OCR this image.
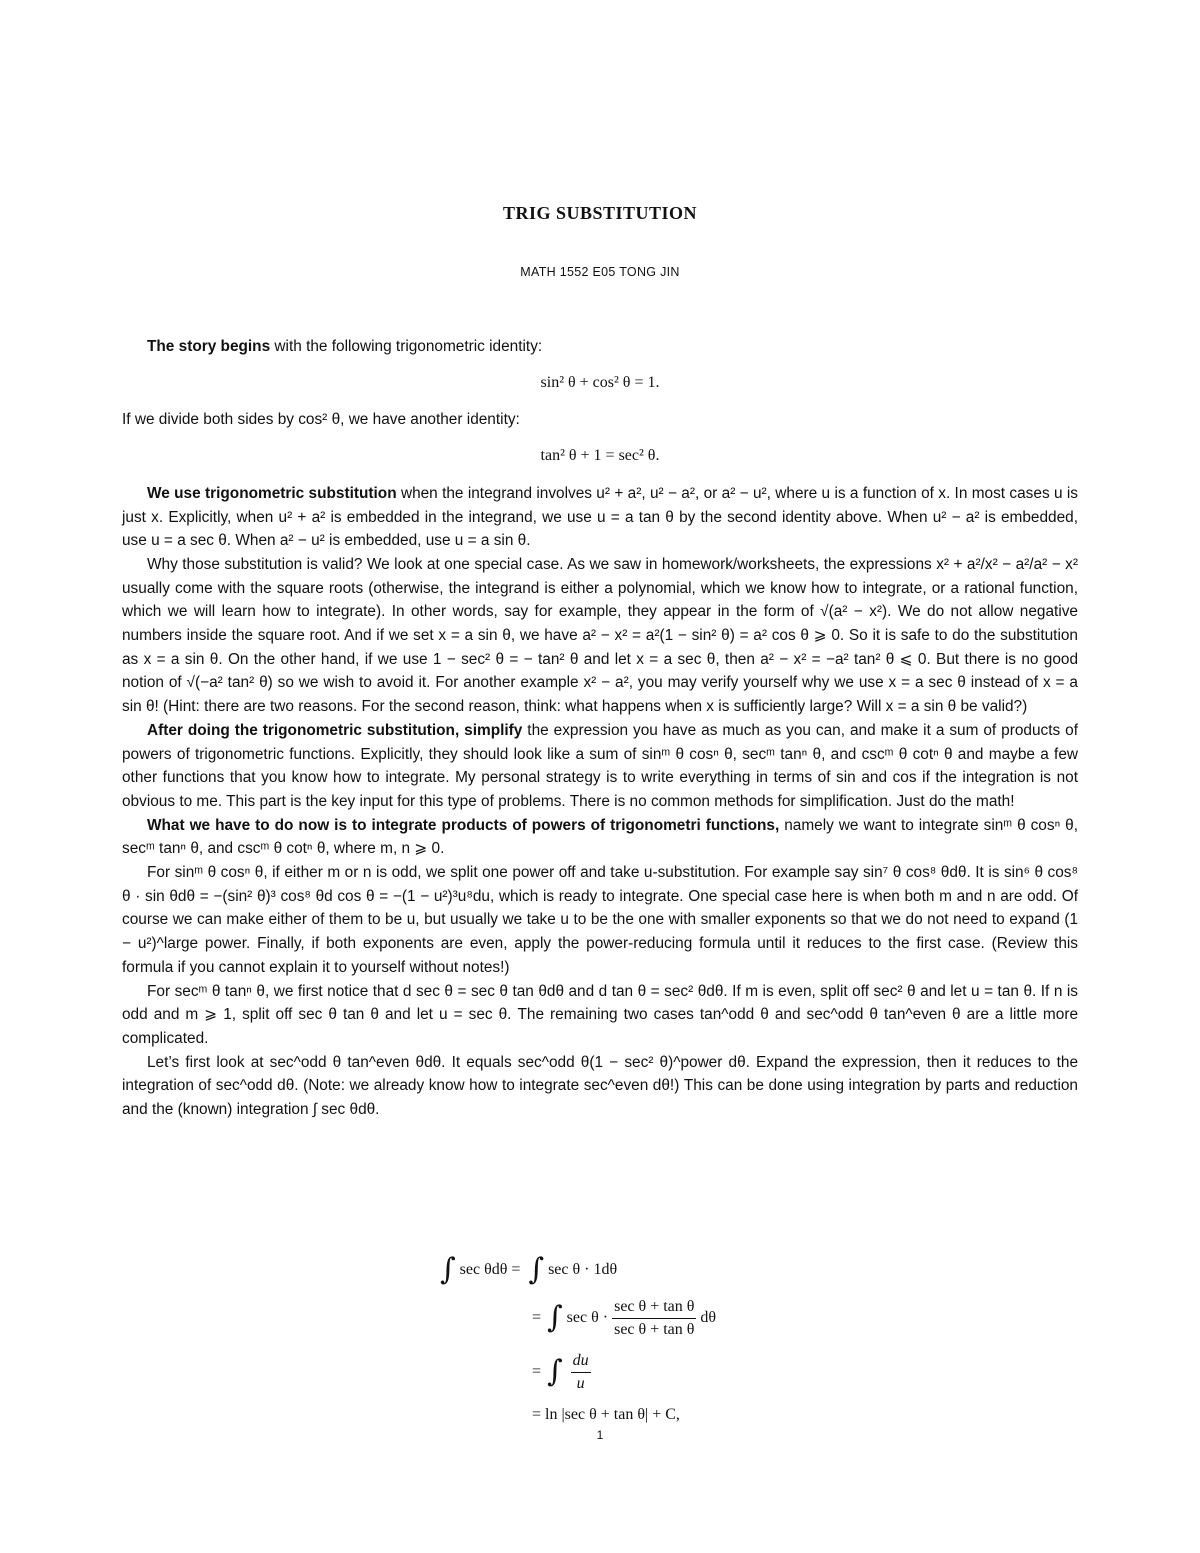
TRIG SUBSTITUTION
MATH 1552 E05 TONG JIN

The story begins with the following trigonometric identity:

sin² θ + cos² θ = 1.

If we divide both sides by cos² θ, we have another identity:

tan² θ + 1 = sec² θ.

We use trigonometric substitution when the integrand involves u² + a², u² − a², or a² − u², where u is a function of x. In most cases u is just x. Explicitly, when u² + a² is embedded in the integrand, we use u = a tan θ by the second identity above. When u² − a² is embedded, use u = a sec θ. When a² − u² is embedded, use u = a sin θ.

Why those substitution is valid? We look at one special case. As we saw in homework/worksheets, the expressions x² + a²/x² − a²/a² − x² usually come with the square roots (otherwise, the integrand is either a polynomial, which we know how to integrate, or a rational function, which we will learn how to integrate). In other words, say for example, they appear in the form of √(a² − x²). We do not allow negative numbers inside the square root. And if we set x = a sin θ, we have a² − x² = a²(1 − sin² θ) = a² cos θ ⩾ 0. So it is safe to do the substitution as x = a sin θ. On the other hand, if we use 1 − sec² θ = − tan² θ and let x = a sec θ, then a² − x² = −a² tan² θ ⩽ 0. But there is no good notion of √(−a² tan² θ) so we wish to avoid it. For another example x² − a², you may verify yourself why we use x = a sec θ instead of x = a sin θ! (Hint: there are two reasons. For the second reason, think: what happens when x is sufficiently large? Will x = a sin θ be valid?)

After doing the trigonometric substitution, simplify the expression you have as much as you can, and make it a sum of products of powers of trigonometric functions. Explicitly, they should look like a sum of sinᵐ θ cosⁿ θ, secᵐ tanⁿ θ, and cscᵐ θ cotⁿ θ and maybe a few other functions that you know how to integrate. My personal strategy is to write everything in terms of sin and cos if the integration is not obvious to me. This part is the key input for this type of problems. There is no common methods for simplification. Just do the math!

What we have to do now is to integrate products of powers of trigonometri functions, namely we want to integrate sinᵐ θ cosⁿ θ, secᵐ tanⁿ θ, and cscᵐ θ cotⁿ θ, where m, n ⩾ 0.

For sinᵐ θ cosⁿ θ, if either m or n is odd, we split one power off and take u-substitution. For example say sin⁷ θ cos⁸ θdθ. It is sin⁶ θ cos⁸ θ · sin θdθ = −(sin² θ)³ cos⁸ θd cos θ = −(1 − u²)³u⁸du, which is ready to integrate. One special case here is when both m and n are odd. Of course we can make either of them to be u, but usually we take u to be the one with smaller exponents so that we do not need to expand (1 − u²)^large power. Finally, if both exponents are even, apply the power-reducing formula until it reduces to the first case. (Review this formula if you cannot explain it to yourself without notes!)

For secᵐ θ tanⁿ θ, we first notice that d sec θ = sec θ tan θdθ and d tan θ = sec² θdθ. If m is even, split off sec² θ and let u = tan θ. If n is odd and m ⩾ 1, split off sec θ tan θ and let u = sec θ. The remaining two cases tan^odd θ and sec^odd θ tan^even θ are a little more complicated.

Let’s first look at sec^odd θ tan^even θdθ. It equals sec^odd θ(1 − sec² θ)^power dθ. Expand the expression, then it reduces to the integration of sec^odd dθ. (Note: we already know how to integrate sec^even dθ!) This can be done using integration by parts and reduction and the (known) integration ∫ sec θdθ.

∫ sec θdθ = ∫ sec θ · 1dθ
= ∫ $\sec \theta \cdot \frac{\text{sec θ + tan θ}}{\text{sec θ + tan θ}}$ dθ
= ∫ $\frac{du}{u}$
= ln |sec θ + tan θ| + C,
1
